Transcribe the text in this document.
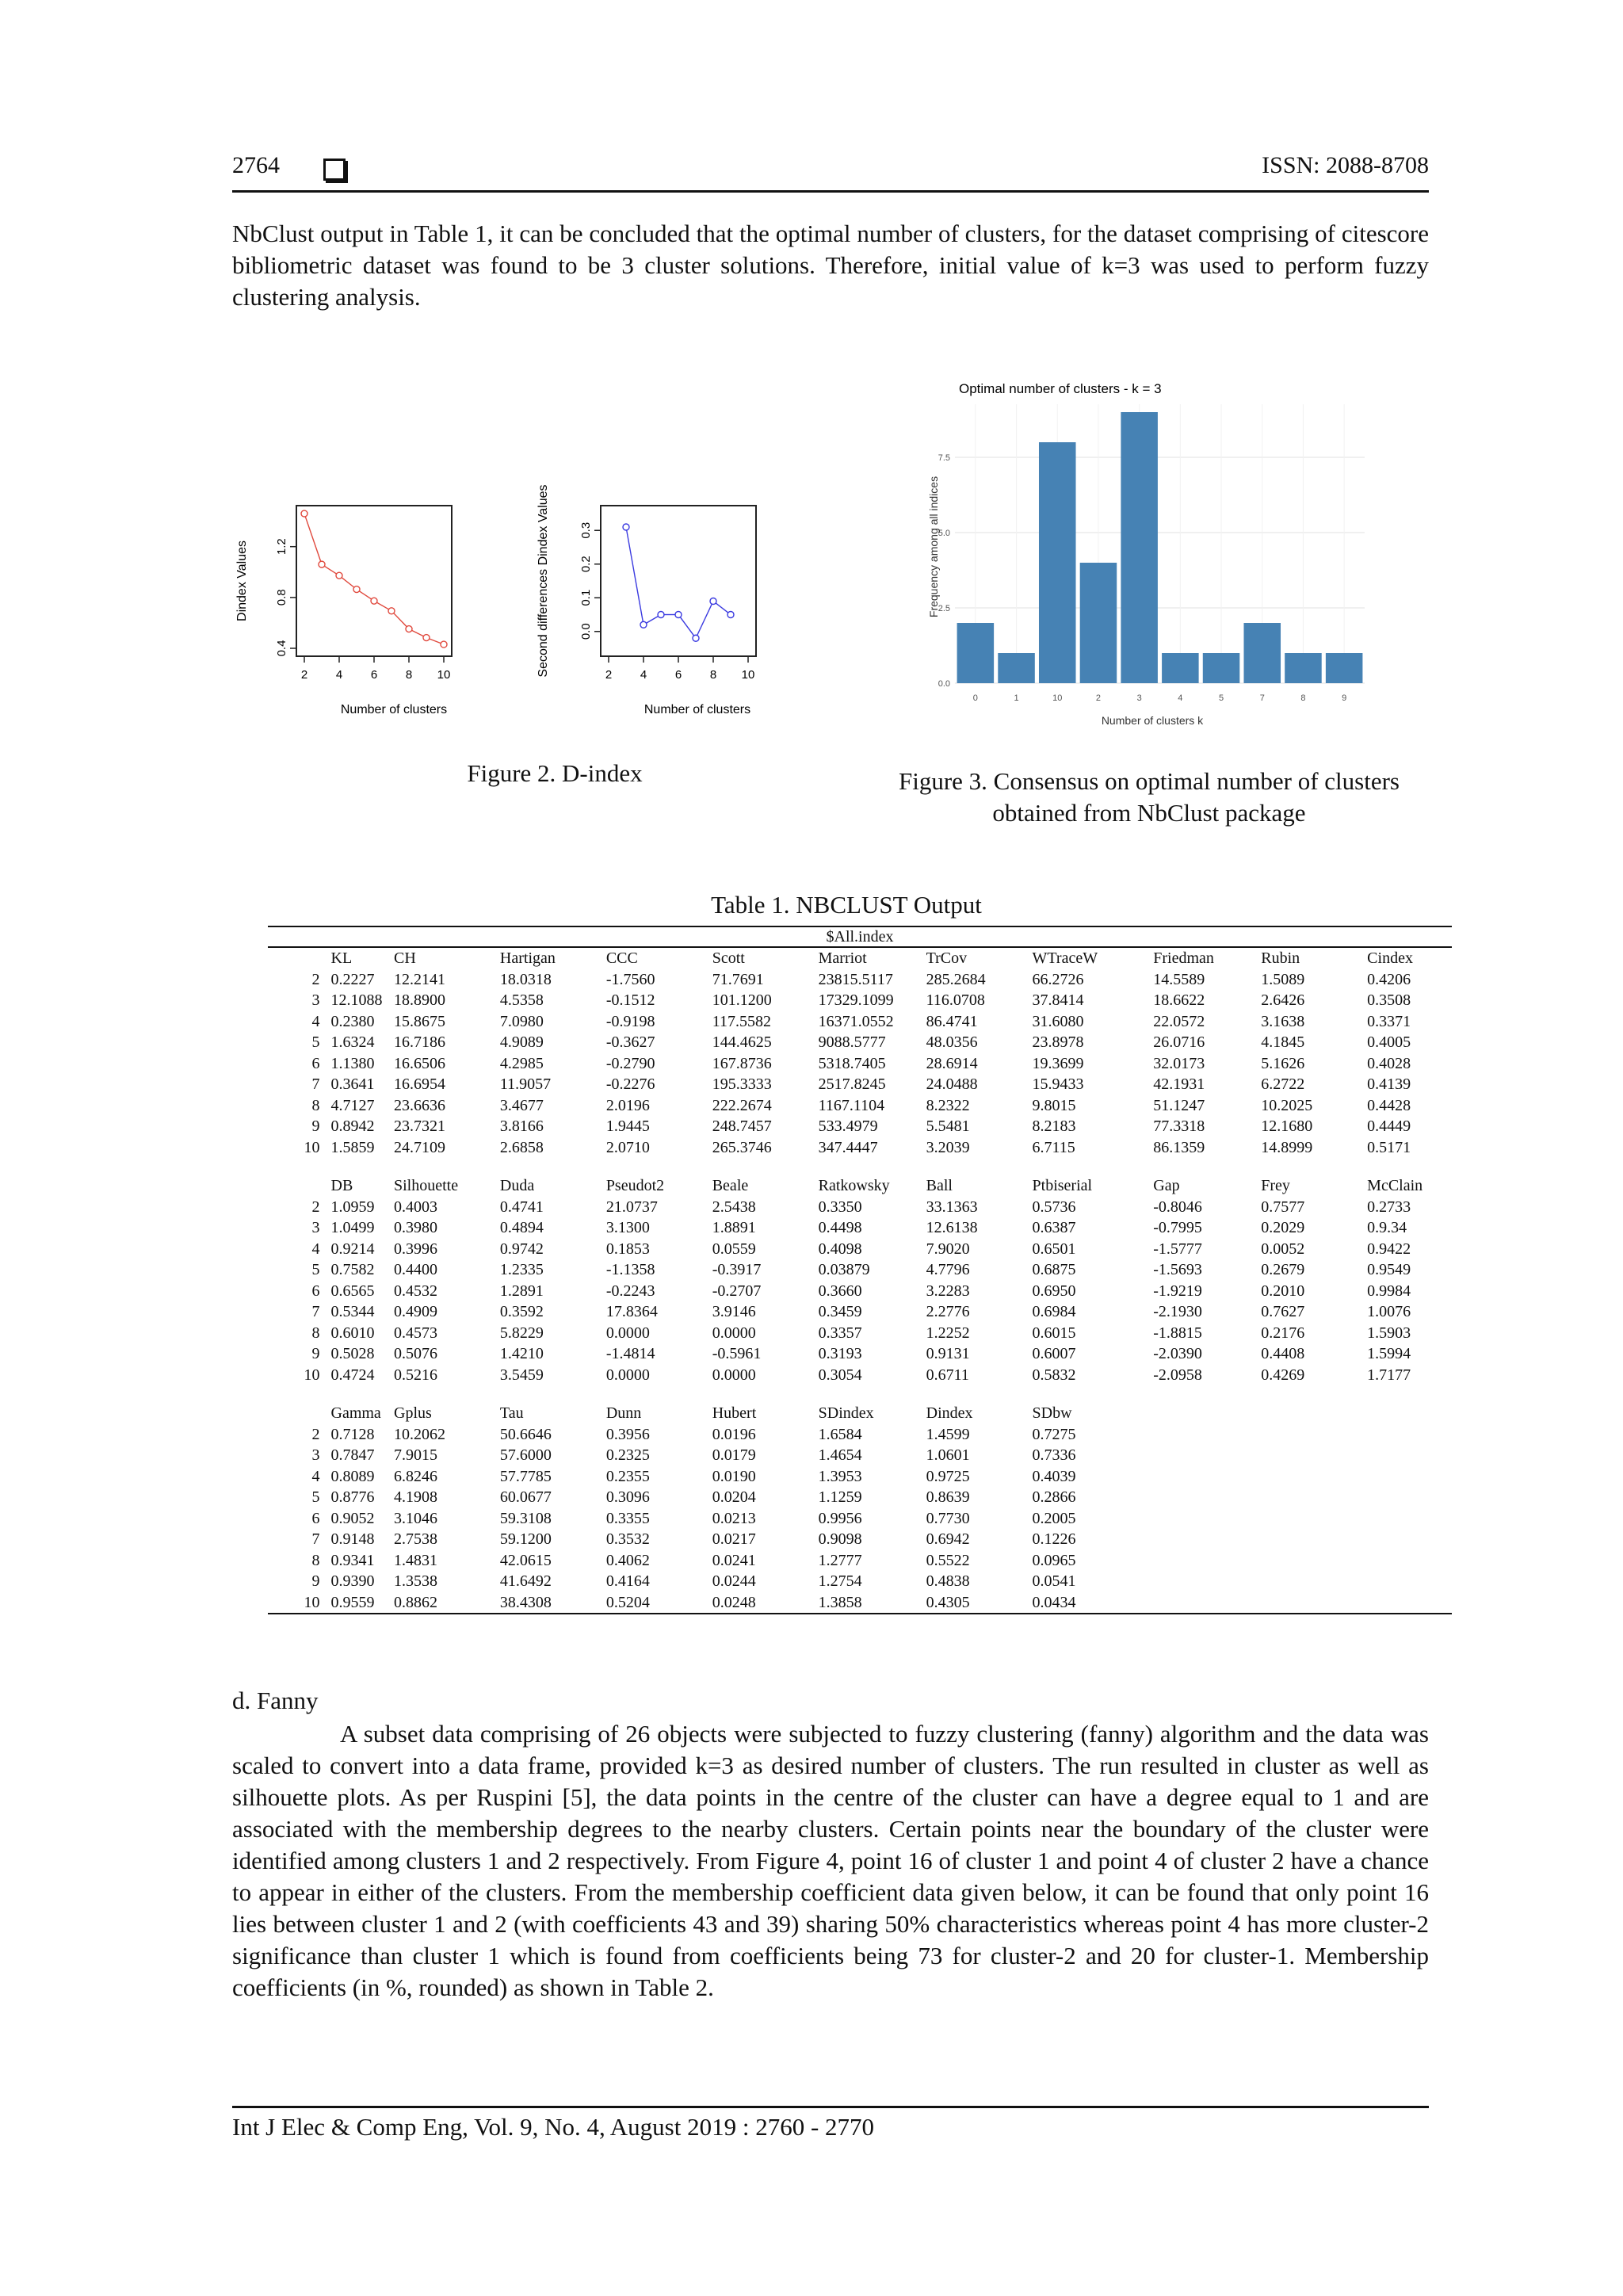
2764	ISSN: 2088-8708
NbClust output in Table 1, it can be concluded that the optimal number of clusters, for the dataset comprising of citescore bibliometric dataset was found to be 3 cluster solutions. Therefore, initial value of k=3 was used to perform fuzzy clustering analysis.
0.4
0.8
1.2
2 4 6 8 10
Dindex Values
Number of clusters
0.0
0.1
0.2
0.3
2 4 6 8 10
Second differences Dindex Values
Number of clusters
Figure 2. D-index
Optimal number of clusters - k = 3
0.0
2.5
5.0
7.5
0	1	10	2	3	4	5	7	8	9
Frequency among all indices
Number of clusters k
Figure 3. Consensus on optimal number of clusters
obtained from NbClust package
Table 1. NBCLUST Output
$All.index
	KL	CH	Hartigan	CCC	Scott	Marriot	TrCov	WTraceW	Friedman	Rubin	Cindex
2	0.2227	12.2141	18.0318	-1.7560	71.7691	23815.5117	285.2684	66.2726	14.5589	1.5089	0.4206
3	12.1088	18.8900	4.5358	-0.1512	101.1200	17329.1099	116.0708	37.8414	18.6622	2.6426	0.3508
4	0.2380	15.8675	7.0980	-0.9198	117.5582	16371.0552	86.4741	31.6080	22.0572	3.1638	0.3371
5	1.6324	16.7186	4.9089	-0.3627	144.4625	9088.5777	48.0356	23.8978	26.0716	4.1845	0.4005
6	1.1380	16.6506	4.2985	-0.2790	167.8736	5318.7405	28.6914	19.3699	32.0173	5.1626	0.4028
7	0.3641	16.6954	11.9057	-0.2276	195.3333	2517.8245	24.0488	15.9433	42.1931	6.2722	0.4139
8	4.7127	23.6636	3.4677	2.0196	222.2674	1167.1104	8.2322	9.8015	51.1247	10.2025	0.4428
9	0.8942	23.7321	3.8166	1.9445	248.7457	533.4979	5.5481	8.2183	77.3318	12.1680	0.4449
10	1.5859	24.7109	2.6858	2.0710	265.3746	347.4447	3.2039	6.7115	86.1359	14.8999	0.5171

	DB	Silhouette	Duda	Pseudot2	Beale	Ratkowsky	Ball	Ptbiserial	Gap	Frey	McClain
2	1.0959	0.4003	0.4741	21.0737	2.5438	0.3350	33.1363	0.5736	-0.8046	0.7577	0.2733
3	1.0499	0.3980	0.4894	3.1300	1.8891	0.4498	12.6138	0.6387	-0.7995	0.2029	0.9.34
4	0.9214	0.3996	0.9742	0.1853	0.0559	0.4098	7.9020	0.6501	-1.5777	0.0052	0.9422
5	0.7582	0.4400	1.2335	-1.1358	-0.3917	0.03879	4.7796	0.6875	-1.5693	0.2679	0.9549
6	0.6565	0.4532	1.2891	-0.2243	-0.2707	0.3660	3.2283	0.6950	-1.9219	0.2010	0.9984
7	0.5344	0.4909	0.3592	17.8364	3.9146	0.3459	2.2776	0.6984	-2.1930	0.7627	1.0076
8	0.6010	0.4573	5.8229	0.0000	0.0000	0.3357	1.2252	0.6015	-1.8815	0.2176	1.5903
9	0.5028	0.5076	1.4210	-1.4814	-0.5961	0.3193	0.9131	0.6007	-2.0390	0.4408	1.5994
10	0.4724	0.5216	3.5459	0.0000	0.0000	0.3054	0.6711	0.5832	-2.0958	0.4269	1.7177

	Gamma	Gplus	Tau	Dunn	Hubert	SDindex	Dindex	SDbw			
2	0.7128	10.2062	50.6646	0.3956	0.0196	1.6584	1.4599	0.7275			
3	0.7847	7.9015	57.6000	0.2325	0.0179	1.4654	1.0601	0.7336			
4	0.8089	6.8246	57.7785	0.2355	0.0190	1.3953	0.9725	0.4039			
5	0.8776	4.1908	60.0677	0.3096	0.0204	1.1259	0.8639	0.2866			
6	0.9052	3.1046	59.3108	0.3355	0.0213	0.9956	0.7730	0.2005			
7	0.9148	2.7538	59.1200	0.3532	0.0217	0.9098	0.6942	0.1226			
8	0.9341	1.4831	42.0615	0.4062	0.0241	1.2777	0.5522	0.0965			
9	0.9390	1.3538	41.6492	0.4164	0.0244	1.2754	0.4838	0.0541			
10	0.9559	0.8862	38.4308	0.5204	0.0248	1.3858	0.4305	0.0434			
d. Fanny
A subset data comprising of 26 objects were subjected to fuzzy clustering (fanny) algorithm and the data was scaled to convert into a data frame, provided k=3 as desired number of clusters. The run resulted in cluster as well as silhouette plots. As per Ruspini [5], the data points in the centre of the cluster can have a degree equal to 1 and are associated with the membership degrees to the nearby clusters. Certain points near the boundary of the cluster were identified among clusters 1 and 2 respectively. From Figure 4, point 16 of cluster 1 and point 4 of cluster 2 have a chance to appear in either of the clusters. From the membership coefficient data given below, it can be found that only point 16 lies between cluster 1 and 2 (with coefficients 43 and 39) sharing 50% characteristics whereas point 4 has more cluster-2 significance than cluster 1 which is found from coefficients being 73 for cluster-2 and 20 for cluster-1. Membership coefficients (in %, rounded) as shown in Table 2.
Int J Elec & Comp Eng, Vol. 9, No. 4, August 2019 : 2760 - 2770
